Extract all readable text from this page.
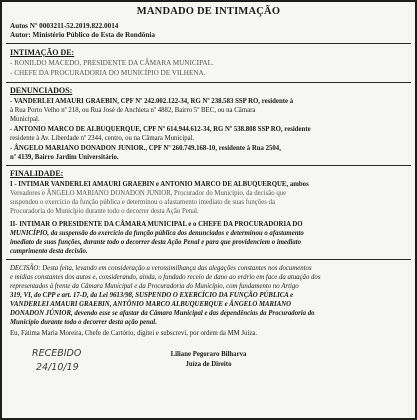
MANDADO DE INTIMAÇÃO
Autos Nº 0003211-52.2019.822.0014
Autor: Ministério Público do Esta de Rondônia
INTIMAÇÃO DE:
- RONILDO MACEDO, PRESIDENTE DA CÂMARA MUNICIPAL.
- CHEFE DA PROCURADORIA DO MUNICÍPIO DE VILHENA.
DENUNCIADOS:
- VANDERLEI AMAURI GRAEBIN, CPF Nº 242.002.122-34, RG Nº 238.583 SSP RO, residente à
à Rua Porto Velho nº 218, ou Rua José de Anchieta nº 4882, Bairro 5º BEC, ou na Câmara
Municipal.
- ANTONIO MARCO DE ALBUQUERQUE, CPF Nº 614.944.612-34, RG Nº 538.808 SSP RO, residente
residente à Av. Liberdade nº 2344, centro, ou na Câmara Municipal.
- ÂNGELO MARIANO DONADON JUNIOR., CPF Nº 260.749.168-10, residente à Rua 2504,
nº 4139, Bairro Jardim Universitário.
FINALIDADE:
I - INTIMAR VANDERLEI AMAURI GRAEBIN e ANTONIO MARCO DE ALBUQUERQUE, ambos
Vereadores e ÂNGELO MARIANO DONADON JUNIOR, Procurador do Município, da decisão que
suspendeu o exercício da função pública e determinou o afastamento imediato de suas funções da
Procuradoria do Município durante todo o decorrer desta Ação Penal.
II- INTIMAR O PRESIDENTE DA CÂMARA MUNICIPAL e o CHEFE DA PROCURADORIA DO
MUNICÍPIO, da suspensão do exercício da função pública dos denunciados e determinou o afastamento
imediato de suas funções, durante todo o decorrer desta Ação Penal e para que providenciem o imediato
cumprimento desta decisão.
DECISÃO: Desta feita, levando em consideração a verossimilhança das alegações constantes nos documentos
e mídias constantes dos autos e, considerando, ainda, o fundado receio de dano ao erário em face da atuação dos
representados à frente da Câmara Municipal e da Procuradoria do Município, com fundamento no Artigo
319, VI, do CPP e art. 17-D, da Lei 9613/98, SUSPENDO O EXERCÍCIO DA FUNÇÃO PÚBLICA e
VANDERLEI AMAURI GRAEBIN, ANTÔNIO MARCO ALBUQUERQUE e ÂNGELO MARIANO
DONADON JÚNIOR, devendo esse se afastar da Câmara Municipal e das dependências da Procuradoria do
Município durante todo o decorrer desta ação penal.
Eu, Fátima Maria Moreira, Chefe de Cartório, digitei e subscrevi, por ordem da MM Juíza.
RECEBIDO
24/10/19
Liliane Pegoraro Bilharva
Juíza de Direito
